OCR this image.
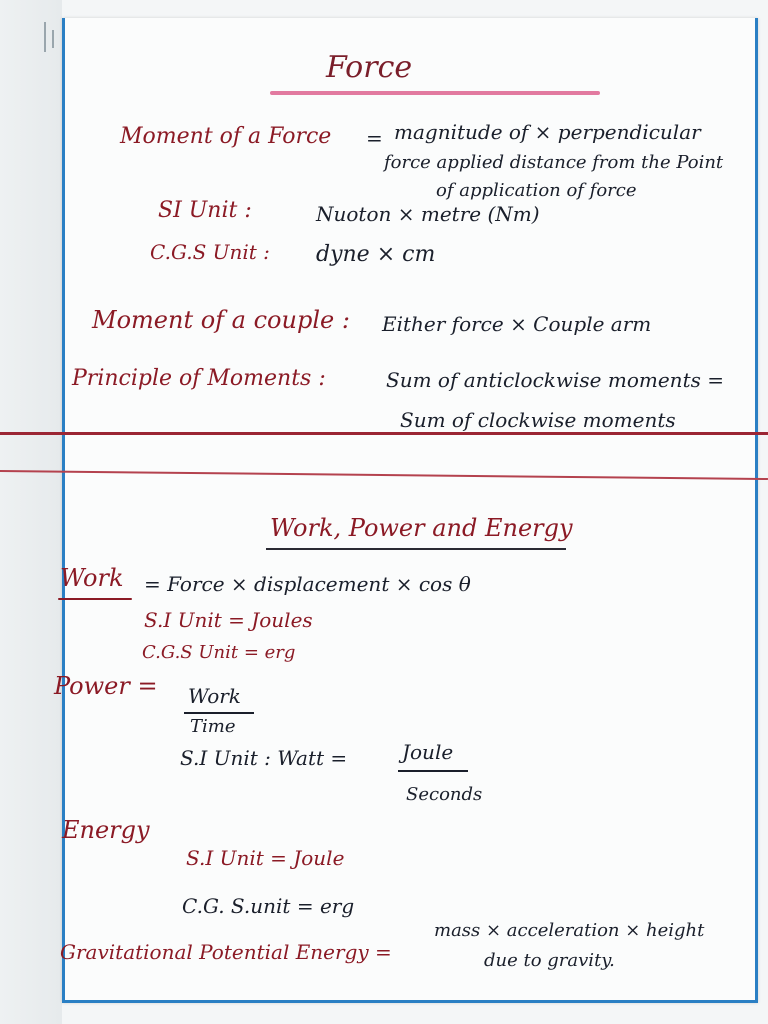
Force
Moment of a Force = magnitude of × perpendicular
force applied distance from the Point
of application of force
SI Unit :	Nuoton × metre (Nm)
C.G.S Unit : dyne × cm
Moment of a couple : Either force × Couple arm
Principle of Moments :	Sum of anticlockwise moments =
Sum of clockwise moments
Work, Power and Energy
Work = Force × displacement × cos θ
S.I Unit = Joules
C.G.S Unit = erg
Power = Work
Time
S.I Unit : Watt =	Joule
Seconds
Energy
S.I Unit = Joule
C.G. S.unit = erg
Gravitational Potential Energy =
mass × acceleration × height
due to gravity.
